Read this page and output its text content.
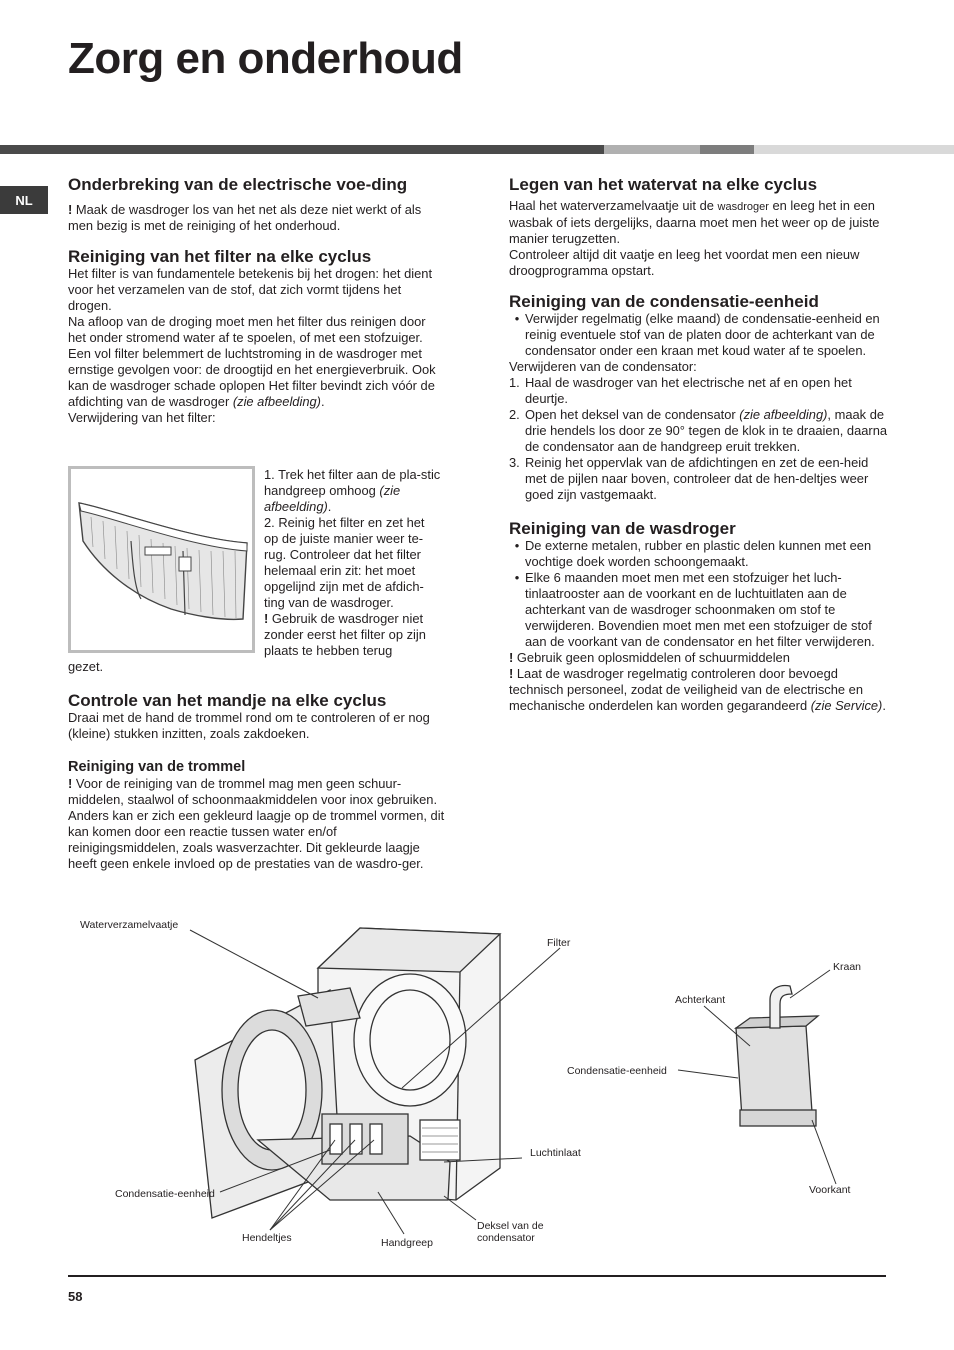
Zorg en onderhoud
NL
Onderbreking van de electrische voe-ding

! Maak de wasdroger los van het net als deze niet werkt of als men bezig is met de reiniging of het onderhoud.

Reiniging van het filter na elke cyclus

Het filter is van fundamentele betekenis bij het drogen: het dient voor het verzamelen van de stof, dat zich vormt tijdens het drogen.

Na afloop van de droging moet men het filter dus reinigen door het onder stromend water af te spoelen, of met een stofzuiger. Een vol filter belemmert de luchtstroming in de wasdroger met ernstige gevolgen voor: de droogtijd en het energieverbruik. Ook kan de wasdroger schade oplopen Het filter bevindt zich vóór de afdichting van de wasdroger (zie afbeelding).

Verwijdering van het filter:

1. Trek het filter aan de pla-stic handgreep omhoog (zie afbeelding).

2. Reinig het filter en zet het op de juiste manier weer te-rug. Controleer dat het filter helemaal erin zit: het moet opgelijnd zijn met de afdich-ting van de wasdroger.

! Gebruik de wasdroger niet zonder eerst het filter op zijn plaats te hebben terug

gezet.

Controle van het mandje na elke cyclus

Draai met de hand de trommel rond om te controleren of er nog (kleine) stukken inzitten, zoals zakdoeken.

Reiniging van de trommel

! Voor de reiniging van de trommel mag men geen schuur-middelen, staalwol of schoonmaakmiddelen voor inox gebruiken.

Anders kan er zich een gekleurd laagje op de trommel vormen, dit kan komen door een reactie tussen water en/of reinigingsmiddelen, zoals wasverzachter. Dit gekleurde laagje heeft geen enkele invloed op de prestaties van de wasdro-ger.

Legen van het watervat na elke cyclus

Haal het waterverzamelvaatje uit de wasdroger en leeg het in een wasbak of iets dergelijks, daarna moet men het weer op de juiste manier terugzetten.

Controleer altijd dit vaatje en leeg het voordat men een nieuw droogprogramma opstart.

Reiniging van de condensatie-eenheid
• Verwijder regelmatig (elke maand) de condensatie-eenheid en reinig eventuele stof van de platen door de achterkant van de condensator onder een kraan met koud water af te spoelen.

Verwijderen van de condensator:

1. Haal de wasdroger van het electrische net af en open het deurtje.
2. Open het deksel van de condensator (zie afbeelding), maak de drie hendels los door ze 90° tegen de klok in te draaien, daarna de condensator aan de handgreep eruit trekken.
3. Reinig het oppervlak van de afdichtingen en zet de een-heid met de pijlen naar boven, controleer dat de hen-deltjes weer goed zijn vastgemaakt.
Reiniging van de wasdroger
• De externe metalen, rubber en plastic delen kunnen met een vochtige doek worden schoongemaakt.
• Elke 6 maanden moet men met een stofzuiger het luch-tinlaatrooster aan de voorkant en de luchtuitlaten aan de achterkant van de wasdroger schoonmaken om stof te verwijderen. Bovendien moet men met een stofzuiger de stof aan de voorkant van de condensator en het filter verwijderen.

! Gebruik geen oplosmiddelen of schuurmiddelen

! Laat de wasdroger regelmatig controleren door bevoegd technisch personeel, zodat de veiligheid van de electrische en mechanische onderdelen kan worden gegarandeerd (zie Service).

Waterverzamelvaatje
Filter
Luchtinlaat
Condensatie-eenheid
Hendeltjes	Handgreep
Deksel van de
condensator
Kraan
Achterkant
Condensatie-eenheid
Voorkant
58
